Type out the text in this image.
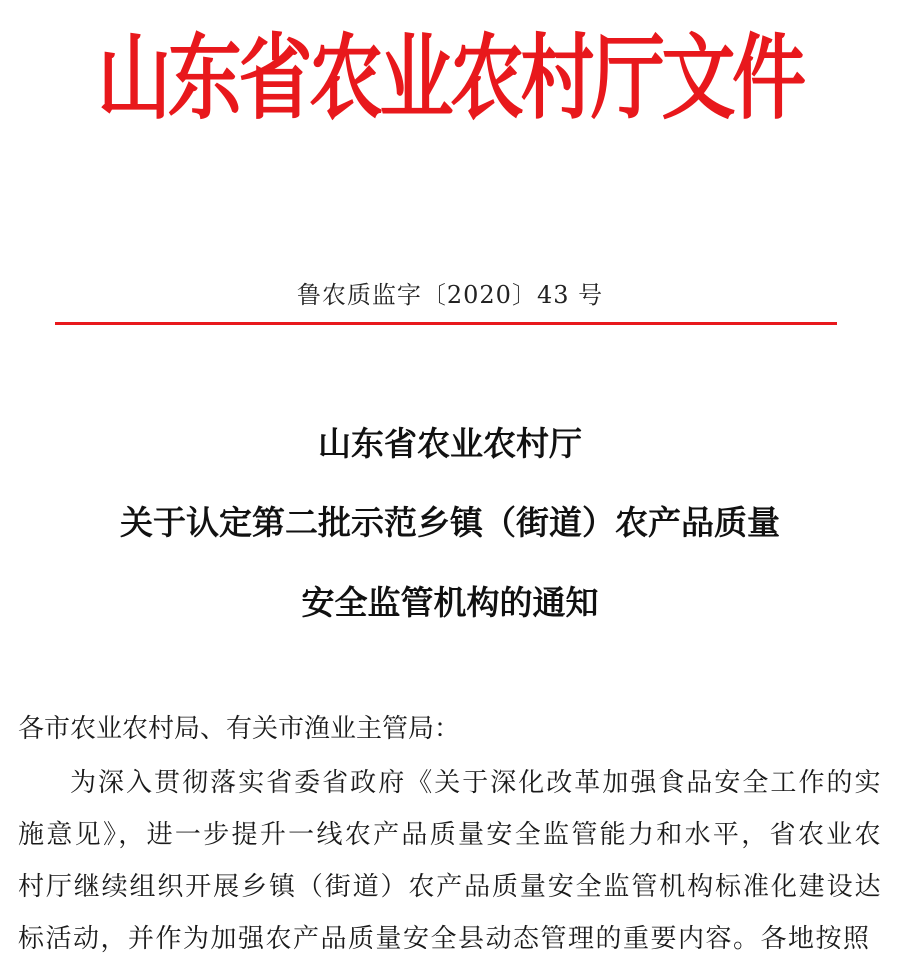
山东省农业农村厅文件
鲁农质监字〔2020〕43 号
山东省农业农村厅
关于认定第二批示范乡镇（街道）农产品质量
安全监管机构的通知
各市农业农村局、有关市渔业主管局：
为深入贯彻落实省委省政府《关于深化改革加强食品安全工作的实施意见》，进一步提升一线农产品质量安全监管能力和水平，省农业农村厅继续组织开展乡镇（街道）农产品质量安全监管机构标准化建设达标活动，并作为加强农产品质量安全县动态管理的重要内容。各地按照
